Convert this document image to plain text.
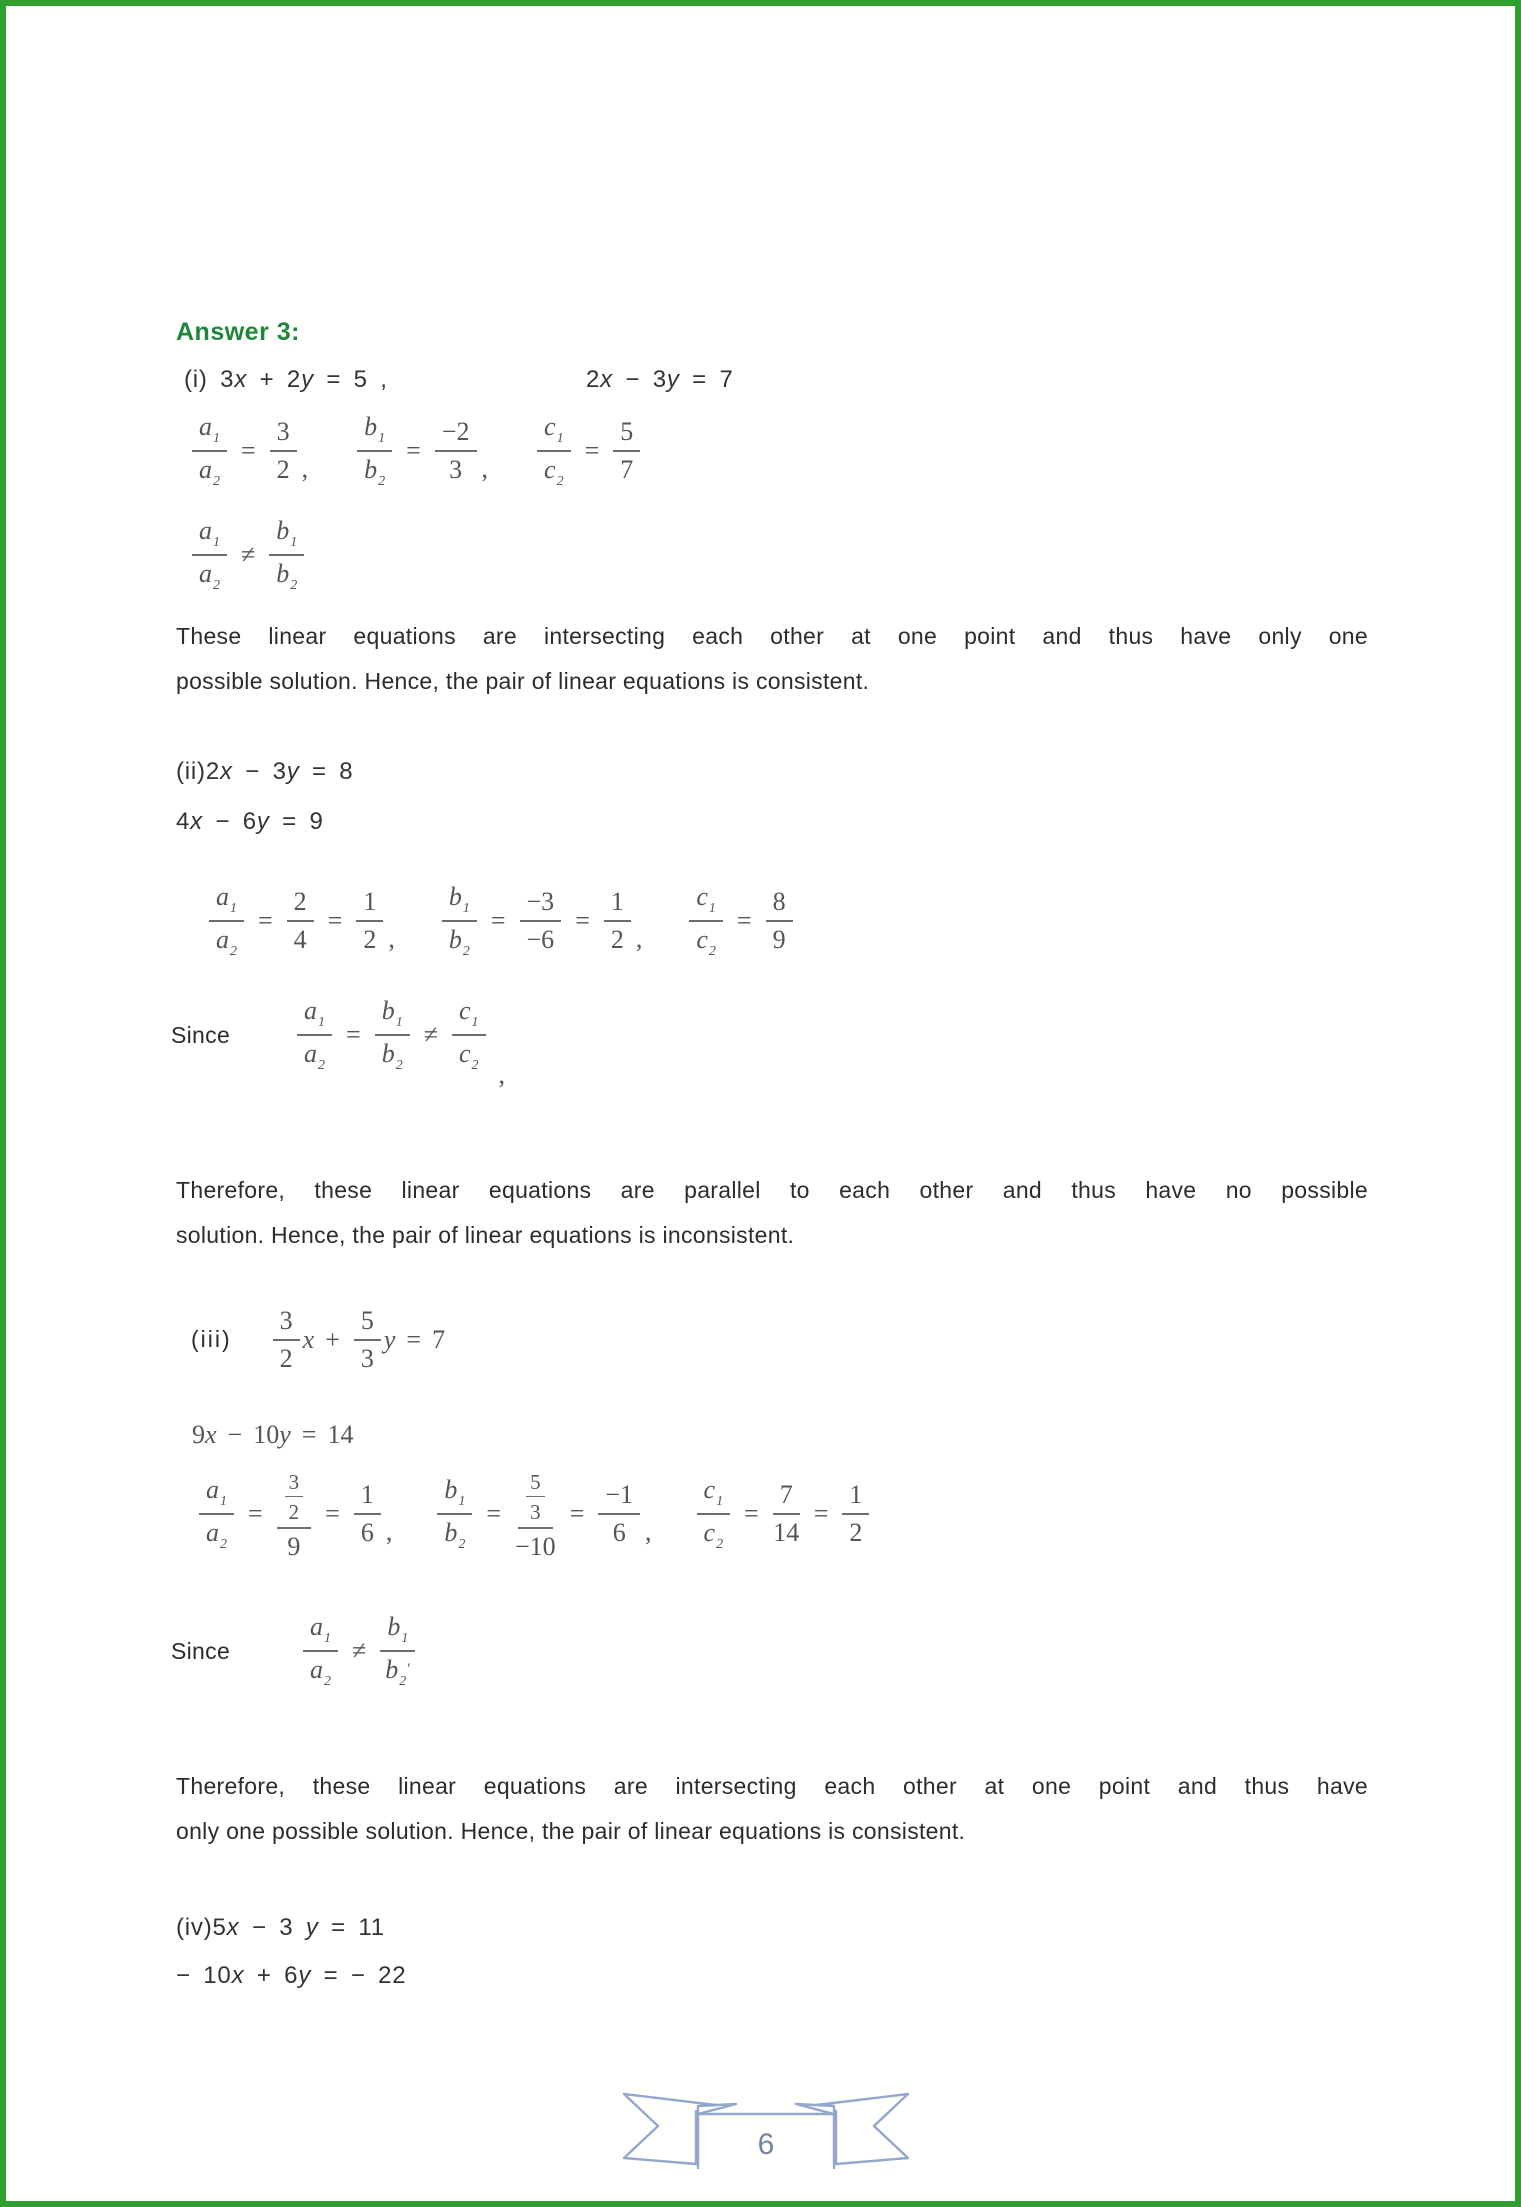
Answer 3:
(i) 3x + 2y = 5 ,	2x − 3y = 7
$\frac{a_1}{a_2} = \frac{3}{2}$ , $\frac{b_1}{b_2} = \frac{-2}{3}$ , $\frac{c_1}{c_2} = \frac{5}{7}$
$\frac{a_1}{a_2} \ne \frac{b_1}{b_2}$
These linear equations are intersecting each other at one point and thus have only one
possible solution. Hence, the pair of linear equations is consistent.
(ii)2x − 3y = 8
4x − 6y = 9
$\frac{a_1}{a_2} = \frac{2}{4} = \frac{1}{2}$ , $\frac{b_1}{b_2} = \frac{-3}{-6} = \frac{1}{2}$ , $\frac{c_1}{c_2} = \frac{8}{9}$
Since	$\frac{a_1}{a_2} = \frac{b_1}{b_2} \ne \frac{c_1}{c_2}$
,
Therefore, these linear equations are parallel to each other and thus have no possible
solution. Hence, the pair of linear equations is inconsistent.
$(iii) \frac{3}{2}$ $x + \frac{5}{3}$ y = 7
9 x − 10 y = 14
$\frac{a_1}{a_2} = \frac{\frac{3}{2}}{9} = \frac{1}{6}$ , $\frac{b_1}{b_2} = \frac{\frac{5}{3}}{-10} = \frac{-1}{6}$ , $\frac{c_1}{c_2} = \frac{7}{14} = \frac{1}{2}$
Since	$\frac{a_1}{a_2} \ne \frac{b_1}{b_2'}$
Therefore, these linear equations are intersecting each other at one point and thus have
only one possible solution. Hence, the pair of linear equations is consistent.
(iv)5x − 3 y = 11
− 10x + 6y = − 22
6
